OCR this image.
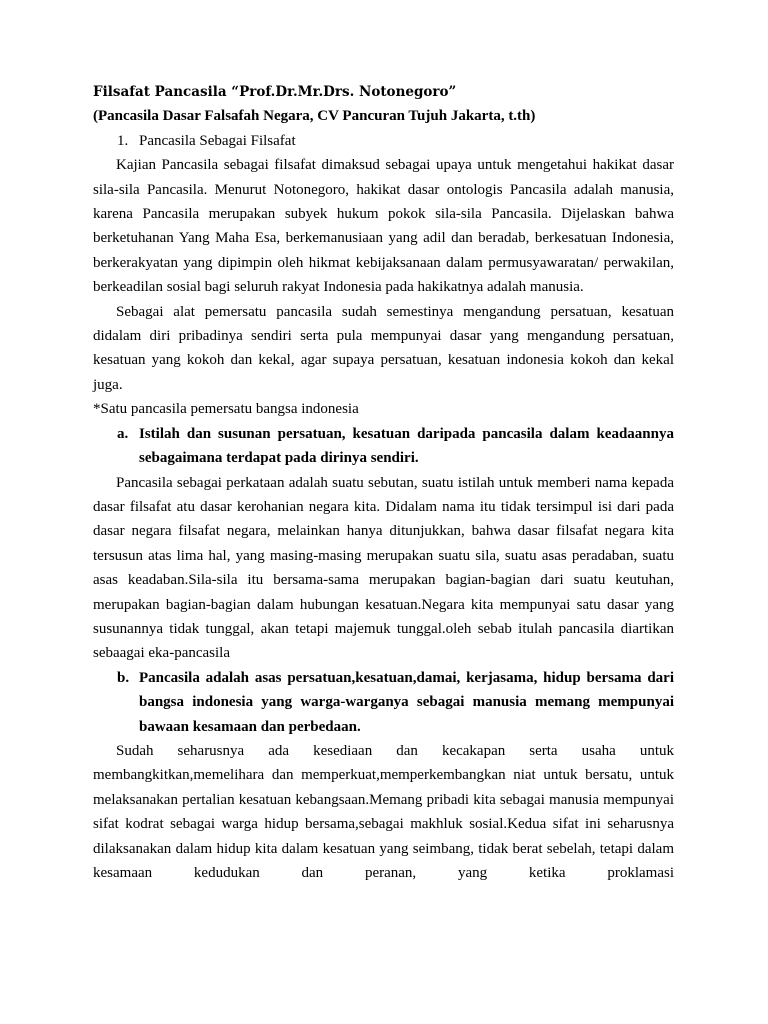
Filsafat Pancasila “Prof.Dr.Mr.Drs. Notonegoro”
(Pancasila Dasar Falsafah Negara, CV Pancuran Tujuh Jakarta, t.th)
1. Pancasila Sebagai Filsafat

Kajian Pancasila sebagai filsafat dimaksud sebagai upaya untuk mengetahui hakikat dasar sila-sila Pancasila. Menurut Notonegoro, hakikat dasar ontologis Pancasila adalah manusia, karena Pancasila merupakan subyek hukum pokok sila-sila Pancasila. Dijelaskan bahwa berketuhanan Yang Maha Esa, berkemanusiaan yang adil dan beradab, berkesatuan Indonesia, berkerakyatan yang dipimpin oleh hikmat kebijaksanaan dalam permusyawaratan/ perwakilan, berkeadilan sosial bagi seluruh rakyat Indonesia pada hakikatnya adalah manusia.

Sebagai alat pemersatu pancasila sudah semestinya mengandung persatuan, kesatuan didalam diri pribadinya sendiri serta pula mempunyai dasar yang mengandung persatuan, kesatuan yang kokoh dan kekal, agar supaya persatuan, kesatuan indonesia kokoh dan kekal juga.

*Satu pancasila pemersatu bangsa indonesia

a. Istilah dan susunan persatuan, kesatuan daripada pancasila dalam keadaannya sebagaimana terdapat pada dirinya sendiri.

Pancasila sebagai perkataan adalah suatu sebutan, suatu istilah untuk memberi nama kepada dasar filsafat atu dasar kerohanian negara kita. Didalam nama itu tidak tersimpul isi dari pada dasar negara filsafat negara, melainkan hanya ditunjukkan, bahwa dasar filsafat negara kita tersusun atas lima hal, yang masing-masing merupakan suatu sila, suatu asas peradaban, suatu asas keadaban.Sila-sila itu bersama-sama merupakan bagian-bagian dari suatu keutuhan, merupakan bagian-bagian dalam hubungan kesatuan.Negara kita mempunyai satu dasar yang susunannya tidak tunggal, akan tetapi majemuk tunggal.oleh sebab itulah pancasila diartikan sebaagai eka-pancasila

b. Pancasila adalah asas persatuan,kesatuan,damai, kerjasama, hidup bersama dari bangsa indonesia yang warga-warganya sebagai manusia memang mempunyai bawaan kesamaan dan perbedaan.

Sudah seharusnya ada kesediaan dan kecakapan serta usaha untuk membangkitkan,memelihara dan memperkuat,memperkembangkan niat untuk bersatu, untuk melaksanakan pertalian kesatuan kebangsaan.Memang pribadi kita sebagai manusia mempunyai sifat kodrat sebagai warga hidup bersama,sebagai makhluk sosial.Kedua sifat ini seharusnya dilaksanakan dalam hidup kita dalam kesatuan yang seimbang, tidak berat sebelah, tetapi dalam kesamaan kedudukan dan peranan, yang ketika proklamasi
